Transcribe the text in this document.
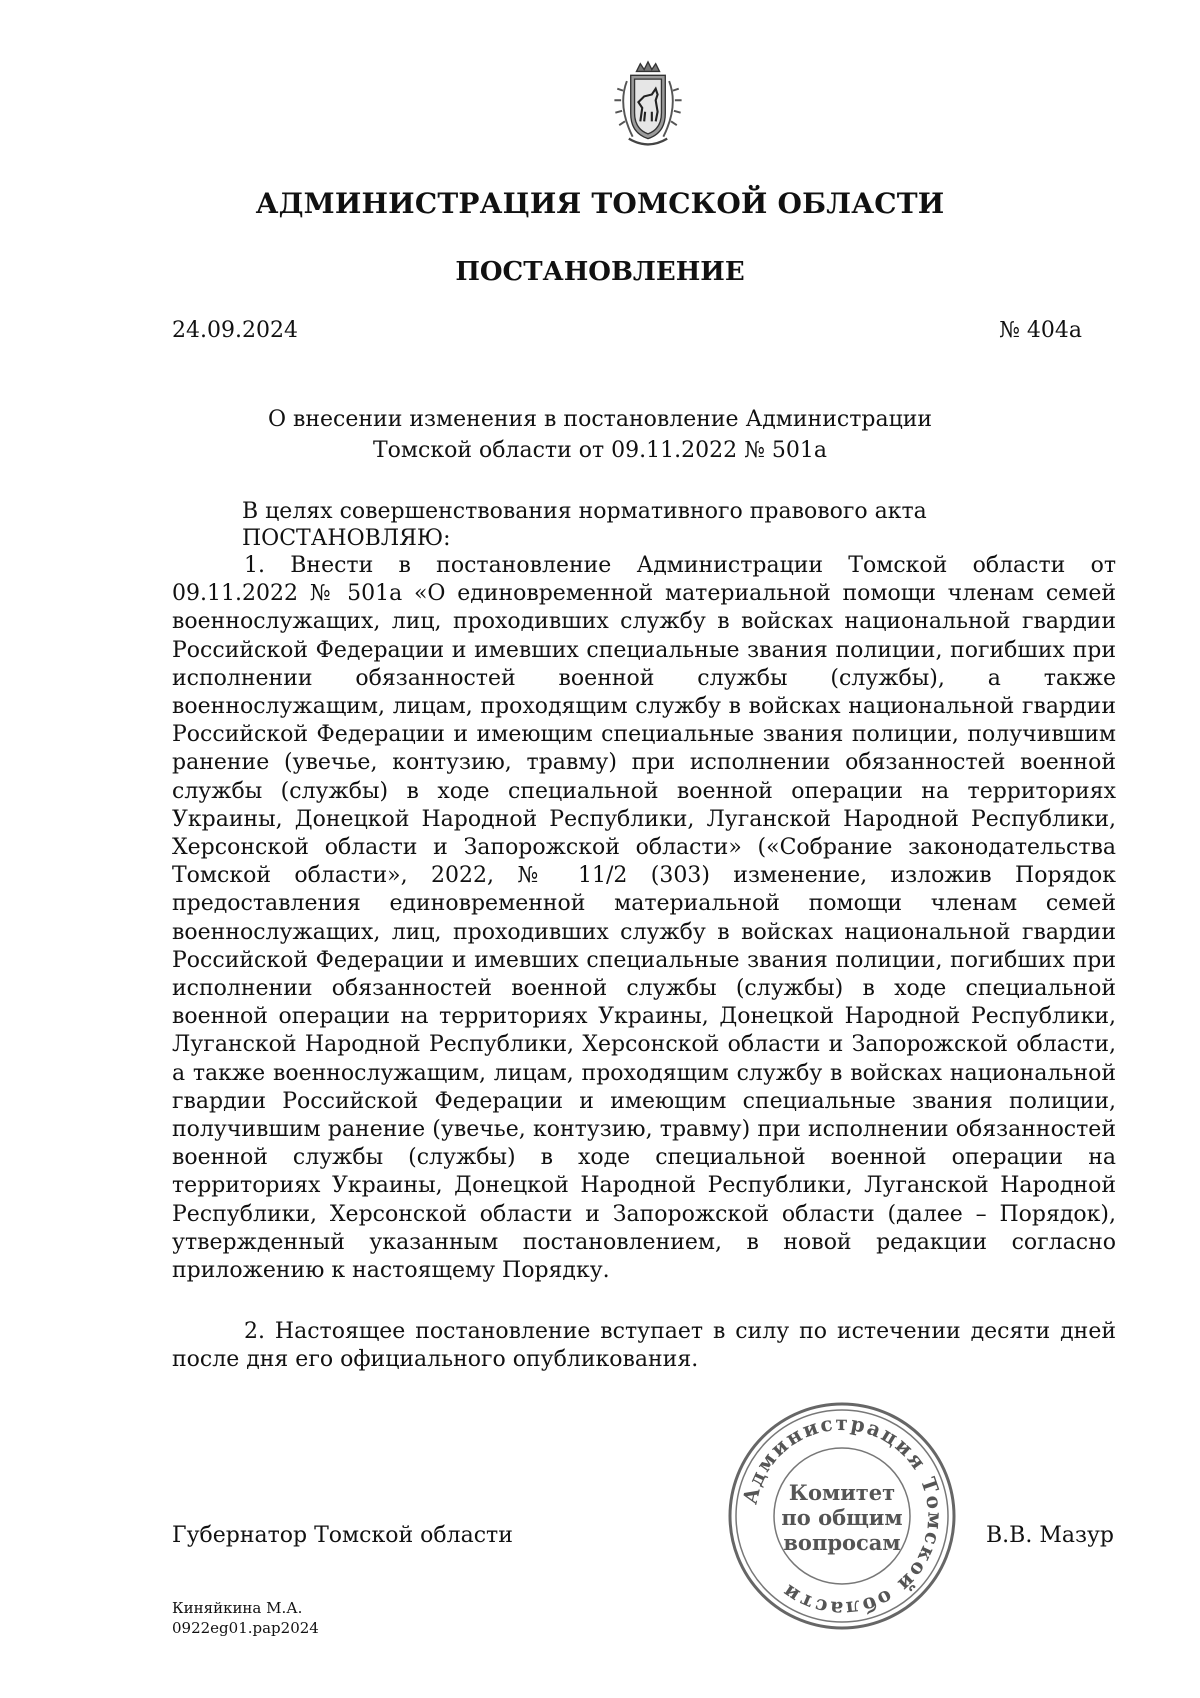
АДМИНИСТРАЦИЯ ТОМСКОЙ ОБЛАСТИ
ПОСТАНОВЛЕНИЕ
24.09.2024	№ 404а
О внесении изменения в постановление Администрации
Томской области от 09.11.2022 № 501а
В целях совершенствования нормативного правового акта
ПОСТАНОВЛЯЮ:

1. Внести в постановление Администрации Томской области от 09.11.2022 № 501а «О единовременной материальной помощи членам семей военнослужащих, лиц, проходивших службу в войсках национальной гвардии Российской Федерации и имевших специальные звания полиции, погибших при исполнении обязанностей военной службы (службы), а также военнослужащим, лицам, проходящим службу в войсках национальной гвардии Российской Федерации и имеющим специальные звания полиции, получившим ранение (увечье, контузию, травму) при исполнении обязанностей военной службы (службы) в ходе специальной военной операции на территориях Украины, Донецкой Народной Республики, Луганской Народной Республики, Херсонской области и Запорожской области» («Собрание законодательства Томской области», 2022, № 11/2 (303) изменение, изложив Порядок предоставления единовременной материальной помощи членам семей военнослужащих, лиц, проходивших службу в войсках национальной гвардии Российской Федерации и имевших специальные звания полиции, погибших при исполнении обязанностей военной службы (службы) в ходе специальной военной операции на территориях Украины, Донецкой Народной Республики, Луганской Народной Республики, Херсонской области и Запорожской области, а также военнослужащим, лицам, проходящим службу в войсках национальной гвардии Российской Федерации и имеющим специальные звания полиции, получившим ранение (увечье, контузию, травму) при исполнении обязанностей военной службы (службы) в ходе специальной военной операции на территориях Украины, Донецкой Народной Республики, Луганской Народной Республики, Херсонской области и Запорожской области (далее – Порядок), утвержденный указанным постановлением, в новой редакции согласно приложению к настоящему Порядку.

2. Настоящее постановление вступает в силу по истечении десяти дней после дня его официального опубликования.

Губернатор Томской области
Администрация Томской области
Комитет
по общим
вопросам	В.В. Мазур
Киняйкина М.А.
0922eg01.pap2024
